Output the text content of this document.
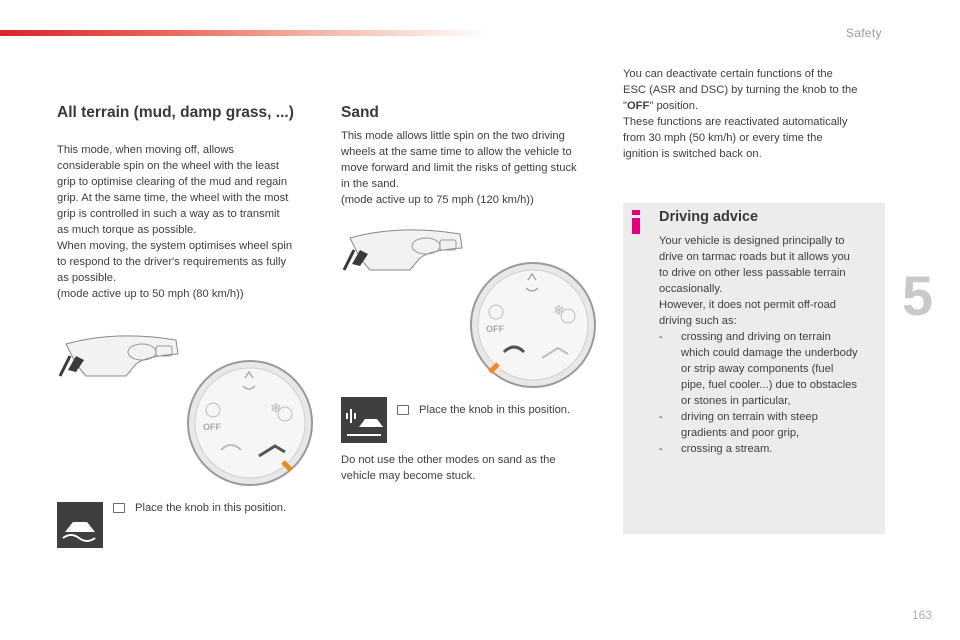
Safety
5
163
All terrain (mud, damp grass, ...)

This mode, when moving off, allows

considerable spin on the wheel with the least

grip to optimise clearing of the mud and regain

grip. At the same time, the wheel with the most

grip is controlled in such a way as to transmit

as much torque as possible.

When moving, the system optimises wheel spin

to respond to the driver's requirements as fully

as possible.

(mode active up to 50 mph (80 km/h))

❄
OFF
Place the knob in this position.
Sand

This mode allows little spin on the two driving

wheels at the same time to allow the vehicle to

move forward and limit the risks of getting stuck

in the sand.

(mode active up to 75 mph (120 km/h))

❄
OFF
Place the knob in this position.

Do not use the other modes on sand as the

vehicle may become stuck.

You can deactivate certain functions of the

ESC (ASR and DSC) by turning the knob to the

"OFF" position.

These functions are reactivated automatically

from 30 mph (50 km/h) or every time the

ignition is switched back on.

Driving advice

Your vehicle is designed principally to

drive on tarmac roads but it allows you

to drive on other less passable terrain

occasionally.

However, it does not permit off-road

driving such as:

-	crossing and driving on terrain

which could damage the underbody

or strip away components (fuel

pipe, fuel cooler...) due to obstacles

or stones in particular,

-	driving on terrain with steep

gradients and poor grip,

-	crossing a stream.
